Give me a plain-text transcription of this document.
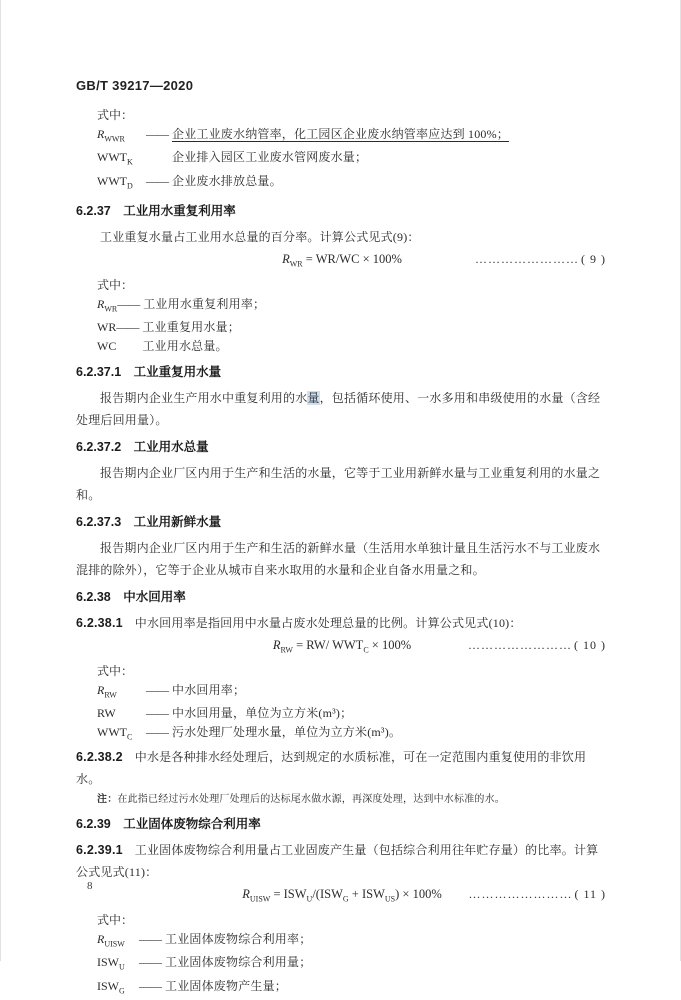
GB/T 39217—2020
式中：
$R_{WWR}$	—— 企业工业废水纳管率，化工园区企业废水纳管率应达到 100%；
$WWT_K$	企业排入园区工业废水管网废水量；
$WWT_D$	—— 企业废水排放总量。
6.2.37　工业用水重复利用率

工业重复水量占工业用水总量的百分率。计算公式见式(9)：

$R_{WR} = WR/WC \times 100\%$	…………………… ( 9 )
式中：
$R_{WR}$ —— 工业用水重复利用率；
WR —— 工业重复用水量；
WC 工业用水总量。
6.2.37.1　工业重复用水量

报告期内企业生产用水中重复利用的水量，包括循环使用、一水多用和串级使用的水量（含经处理后回用量）。

6.2.37.2　工业用水总量

报告期内企业厂区内用于生产和生活的水量，它等于工业用新鲜水量与工业重复利用的水量之和。

6.2.37.3　工业用新鲜水量

报告期内企业厂区内用于生产和生活的新鲜水量（生活用水单独计量且生活污水不与工业废水混排的除外），它等于企业从城市自来水取用的水量和企业自备水用量之和。

6.2.38　中水回用率

6.2.38.1 中水回用率是指回用中水量占废水处理总量的比例。计算公式见式(10)：

$R_{RW} = RW/$ $WWT_C \times 100\%$	…………………… ( 10 )
式中：
$R_{RW}$	—— 中水回用率；
RW	—— 中水回用量，单位为立方米(m³)；
$WWT_C$	—— 污水处理厂处理水量，单位为立方米(m³)。

6.2.38.2 中水是各种排水经处理后，达到规定的水质标准，可在一定范围内重复使用的非饮用水。

注：在此指已经过污水处理厂处理后的达标尾水做水源，再深度处理，达到中水标准的水。

6.2.39　工业固体废物综合利用率

6.2.39.1 工业固体废物综合利用量占工业固废产生量（包括综合利用往年贮存量）的比率。计算公式见式(11)：

$R_{UISW} = ISW_U/(ISW_G + ISW_{US}) \times 100\%$ …………………… ( 11 )
式中：
$R_{UISW}$	—— 工业固体废物综合利用率；
$ISW_U$	—— 工业固体废物综合利用量；
$ISW_G$	—— 工业固体废物产生量；
8
